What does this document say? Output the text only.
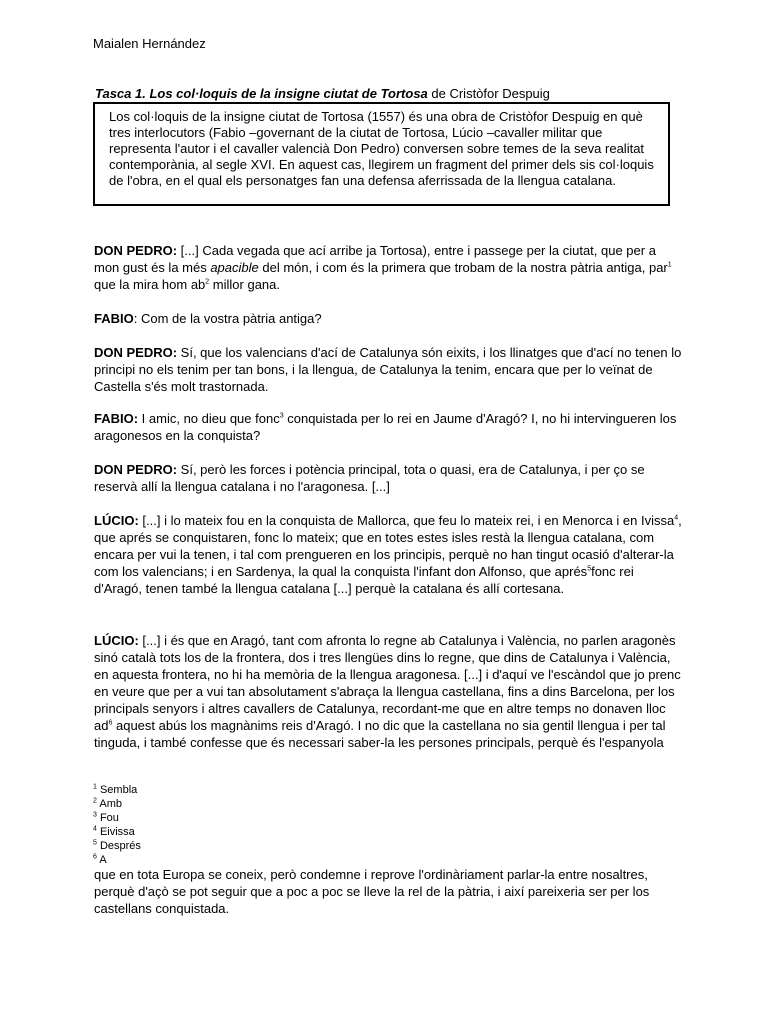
Maialen Hernández
Tasca 1. Los col·loquis de la insigne ciutat de Tortosa de Cristòfor Despuig
Los col·loquis de la insigne ciutat de Tortosa (1557) és una obra de Cristòfor Despuig en què tres interlocutors (Fabio –governant de la ciutat de Tortosa, Lúcio –cavaller militar que representa l'autor i el cavaller valencià Don Pedro) conversen sobre temes de la seva realitat contemporània, al segle XVI. En aquest cas, llegirem un fragment del primer dels sis col·loquis de l'obra, en el qual els personatges fan una defensa aferrissada de la llengua catalana.

DON PEDRO: [...] Cada vegada que ací arribe ja Tortosa), entre i passege per la ciutat, que per a mon gust és la més apacible del món, i com és la primera que trobam de la nostra pàtria antiga, par$^1$ que la mira hom $ab^2$ millor gana.

FABIO: Com de la vostra pàtria antiga?

DON PEDRO: Sí, que los valencians d'ací de Catalunya són eixits, i los llinatges que d'ací no tenen lo principi no els tenim per tan bons, i la llengua, de Catalunya la tenim, encara que per lo veïnat de Castella s'és molt trastornada.

FABIO: I amic, no dieu que fonc$^3$ conquistada per lo rei en Jaume d'Aragó? I, no hi intervingueren los aragonesos en la conquista?

DON PEDRO: Sí, però les forces i potència principal, tota o quasi, era de Catalunya, i per ço se reservà allí la llengua catalana i no l'aragonesa. [...]

LÚCIO: [...] i lo mateix fou en la conquista de Mallorca, que feu lo mateix rei, i en Menorca i en Ivissa$^4$, que aprés se conquistaren, fonc lo mateix; que en totes estes isles restà la llengua catalana, com encara per vui la tenen, i tal com prengueren en los principis, perquè no han tingut ocasió d'alterar-la com los valencians; i en Sardenya, la qual la conquista l'infant don Alfonso, que aprés$^5$fonc rei d'Aragó, tenen també la llengua catalana [...] perquè la catalana és allí cortesana.

LÚCIO: [...] i és que en Aragó, tant com afronta lo regne ab Catalunya i València, no parlen aragonès sinó català tots los de la frontera, dos i tres llengües dins lo regne, que dins de Catalunya i València, en aquesta frontera, no hi ha memòria de la llengua aragonesa. [...] i d'aquí ve l'escàndol que jo prenc en veure que per a vui tan absolutament s'abraça la llengua castellana, fins a dins Barcelona, per los principals senyors i altres cavallers de Catalunya, recordant-me que en altre temps no donaven lloc $ad^6$ aquest abús los magnànims reis d'Aragó. I no dic que la castellana no sia gentil llengua i per tal tinguda, i també confesse que és necessari saber-la les persones principals, perquè és l'espanyola

$^1$ Sembla
$^2$ Amb
$^3$ Fou
$^4$ Eivissa
$^5$ Després
$^6$ A

que en tota Europa se coneix, però condemne i reprove l'ordinàriament parlar-la entre nosaltres, perquè d'açò se pot seguir que a poc a poc se lleve la rel de la pàtria, i així pareixeria ser per los castellans conquistada.
